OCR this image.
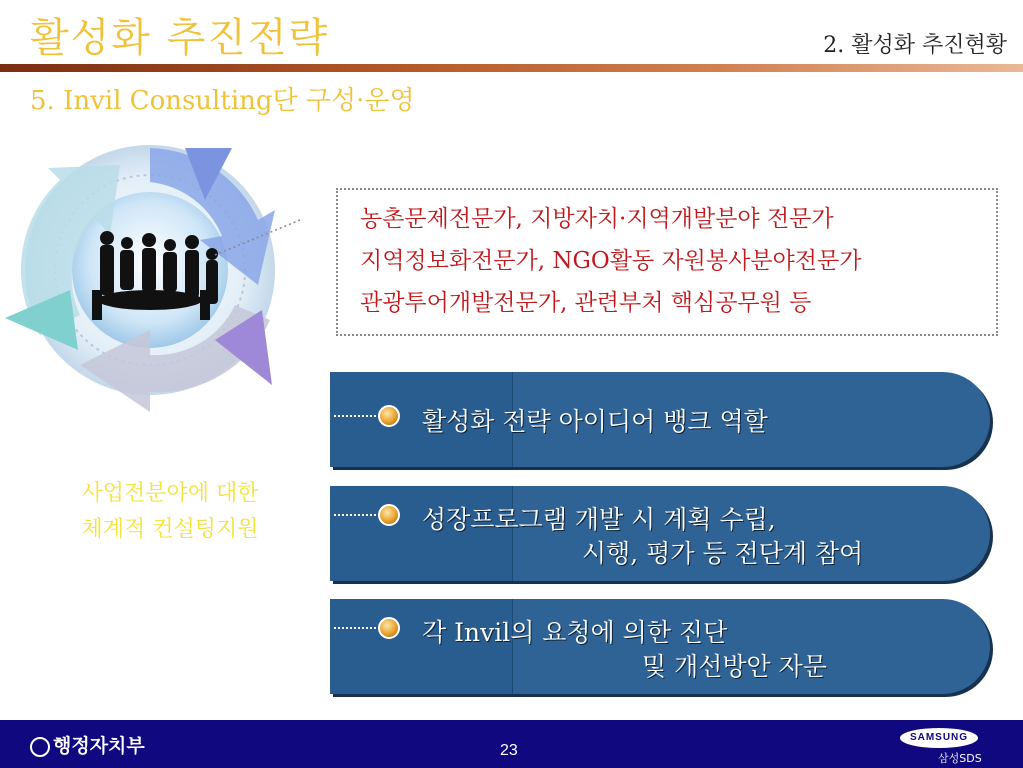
활성화 추진전략	2. 활성화 추진현황
5. Invil Consulting단 구성·운영
농촌문제전문가, 지방자치·지역개발분야 전문가
지역정보화전문가, NGO활동 자원봉사분야전문가
관광투어개발전문가, 관련부처 핵심공무원 등
사업전분야에 대한
체계적 컨설팅지원
활성화 전략 아이디어 뱅크 역할
성장프로그램 개발 시 계획 수립,
시행, 평가 등 전단계 참여
각 Invil의 요청에 의한 진단
및 개선방안 자문
행정자치부	23
SAMSUNG
삼성SDS
